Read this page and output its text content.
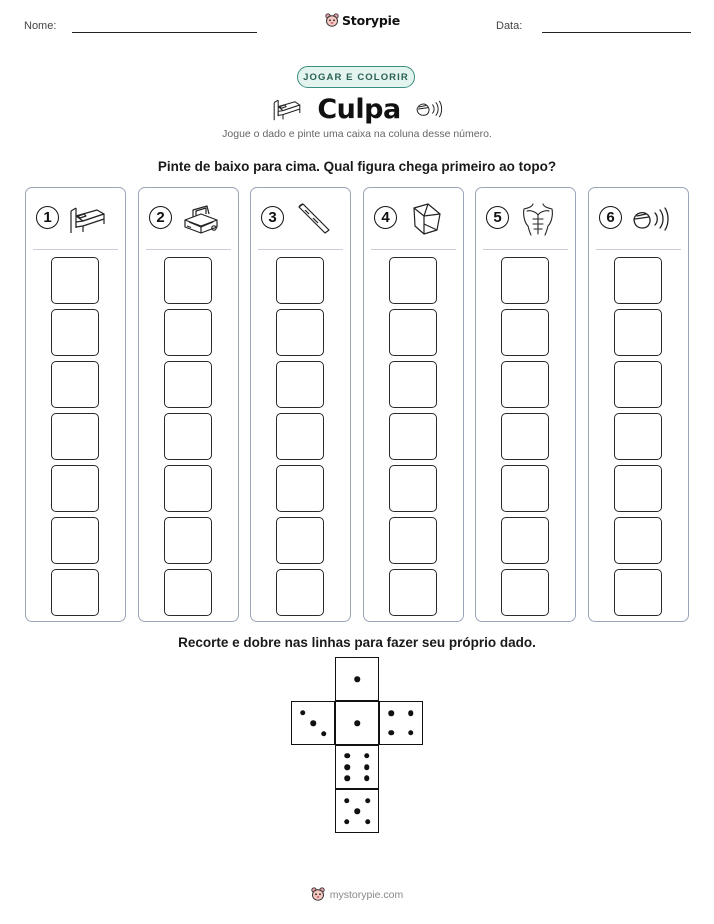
Nome:	Storypie	Data:
JOGAR E COLORIR
Culpa
Jogue o dado e pinte uma caixa na coluna desse número.
Pinte de baixo para cima. Qual figura chega primeiro ao topo?
1	2	3	4	5	6
Recorte e dobre nas linhas para fazer seu próprio dado.
mystorypie.com
